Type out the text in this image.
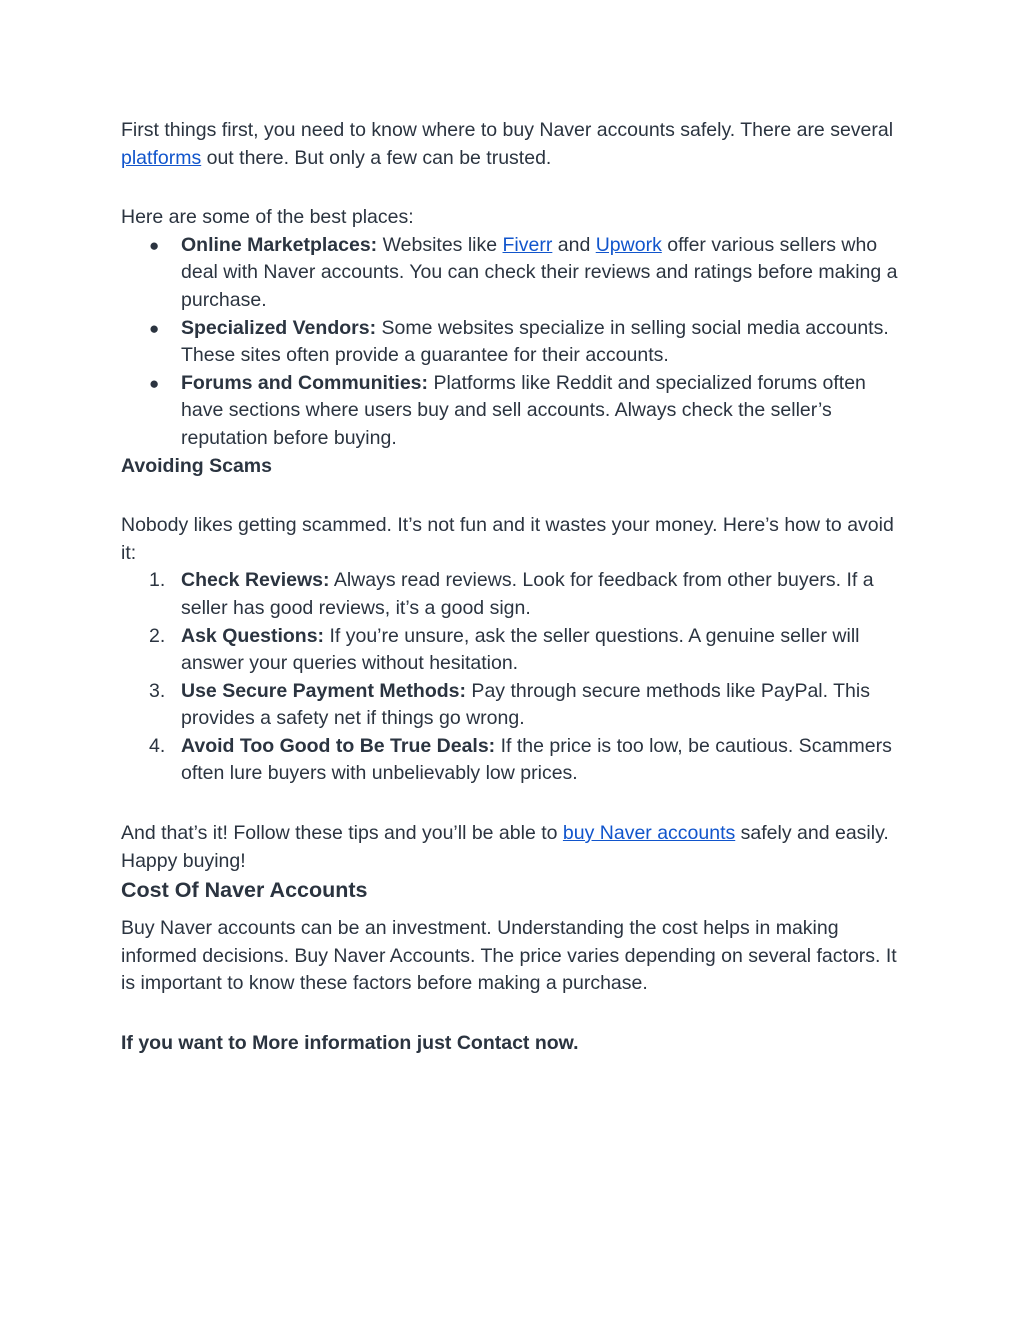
First things first, you need to know where to buy Naver accounts safely. There are several platforms out there. But only a few can be trusted.

Here are some of the best places:

● Online Marketplaces: Websites like Fiverr and Upwork offer various sellers who deal with Naver accounts. You can check their reviews and ratings before making a purchase.
● Specialized Vendors: Some websites specialize in selling social media accounts. These sites often provide a guarantee for their accounts.
● Forums and Communities: Platforms like Reddit and specialized forums often have sections where users buy and sell accounts. Always check the seller’s reputation before buying.
Avoiding Scams

Nobody likes getting scammed. It’s not fun and it wastes your money. Here’s how to avoid it:

1. Check Reviews: Always read reviews. Look for feedback from other buyers. If a seller has good reviews, it’s a good sign.
2. Ask Questions: If you’re unsure, ask the seller questions. A genuine seller will answer your queries without hesitation.
3. Use Secure Payment Methods: Pay through secure methods like PayPal. This provides a safety net if things go wrong.
4. Avoid Too Good to Be True Deals: If the price is too low, be cautious. Scammers often lure buyers with unbelievably low prices.

And that’s it! Follow these tips and you’ll be able to buy Naver accounts safely and easily. Happy buying!

Cost Of Naver Accounts

Buy Naver accounts can be an investment. Understanding the cost helps in making informed decisions. Buy Naver Accounts. The price varies depending on several factors. It is important to know these factors before making a purchase.

If you want to More information just Contact now.
